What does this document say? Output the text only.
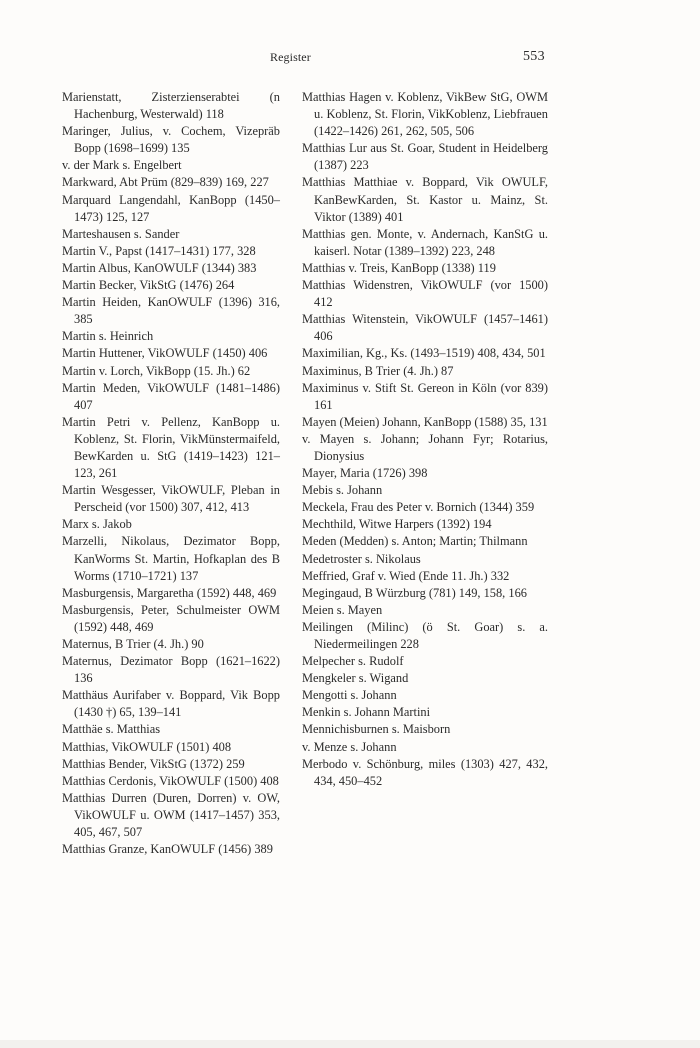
Register	553

Marienstatt, Zisterzienserabtei (n Hachenburg, Westerwald) 118

Maringer, Julius, v. Cochem, Vizepräb Bopp (1698–1699) 135

v. der Mark s. Engelbert

Markward, Abt Prüm (829–839) 169, 227

Marquard Langendahl, KanBopp (1450–1473) 125, 127

Marteshausen s. Sander

Martin V., Papst (1417–1431) 177, 328

Martin Albus, KanOWULF (1344) 383

Martin Becker, VikStG (1476) 264

Martin Heiden, KanOWULF (1396) 316, 385

Martin s. Heinrich

Martin Huttener, VikOWULF (1450) 406

Martin v. Lorch, VikBopp (15. Jh.) 62

Martin Meden, VikOWULF (1481–1486) 407

Martin Petri v. Pellenz, KanBopp u. Koblenz, St. Florin, VikMünstermaifeld, BewKarden u. StG (1419–1423) 121–123, 261

Martin Wesgesser, VikOWULF, Pleban in Perscheid (vor 1500) 307, 412, 413

Marx s. Jakob

Marzelli, Nikolaus, Dezimator Bopp, KanWorms St. Martin, Hofkaplan des B Worms (1710–1721) 137

Masburgensis, Margaretha (1592) 448, 469

Masburgensis, Peter, Schulmeister OWM (1592) 448, 469

Maternus, B Trier (4. Jh.) 90

Maternus, Dezimator Bopp (1621–1622) 136

Matthäus Aurifaber v. Boppard, Vik Bopp (1430 †) 65, 139–141

Matthäe s. Matthias

Matthias, VikOWULF (1501) 408

Matthias Bender, VikStG (1372) 259

Matthias Cerdonis, VikOWULF (1500) 408

Matthias Durren (Duren, Dorren) v. OW, VikOWULF u. OWM (1417–1457) 353, 405, 467, 507

Matthias Granze, KanOWULF (1456) 389

Matthias Hagen v. Koblenz, VikBew StG, OWM u. Koblenz, St. Florin, VikKoblenz, Liebfrauen (1422–1426) 261, 262, 505, 506

Matthias Lur aus St. Goar, Student in Heidelberg (1387) 223

Matthias Matthiae v. Boppard, Vik OWULF, KanBewKarden, St. Kastor u. Mainz, St. Viktor (1389) 401

Matthias gen. Monte, v. Andernach, KanStG u. kaiserl. Notar (1389–1392) 223, 248

Matthias v. Treis, KanBopp (1338) 119

Matthias Widenstren, VikOWULF (vor 1500) 412

Matthias Witenstein, VikOWULF (1457–1461) 406

Maximilian, Kg., Ks. (1493–1519) 408, 434, 501

Maximinus, B Trier (4. Jh.) 87

Maximinus v. Stift St. Gereon in Köln (vor 839) 161

Mayen (Meien) Johann, KanBopp (1588) 35, 131

v. Mayen s. Johann; Johann Fyr; Rotarius, Dionysius

Mayer, Maria (1726) 398

Mebis s. Johann

Meckela, Frau des Peter v. Bornich (1344) 359

Mechthild, Witwe Harpers (1392) 194

Meden (Medden) s. Anton; Martin; Thilmann

Medetroster s. Nikolaus

Meffried, Graf v. Wied (Ende 11. Jh.) 332

Megingaud, B Würzburg (781) 149, 158, 166

Meien s. Mayen

Meilingen (Milinc) (ö St. Goar) s. a. Niedermeilingen 228

Melpecher s. Rudolf

Mengkeler s. Wigand

Mengotti s. Johann

Menkin s. Johann Martini

Mennichisburnen s. Maisborn

v. Menze s. Johann

Merbodo v. Schönburg, miles (1303) 427, 432, 434, 450–452
